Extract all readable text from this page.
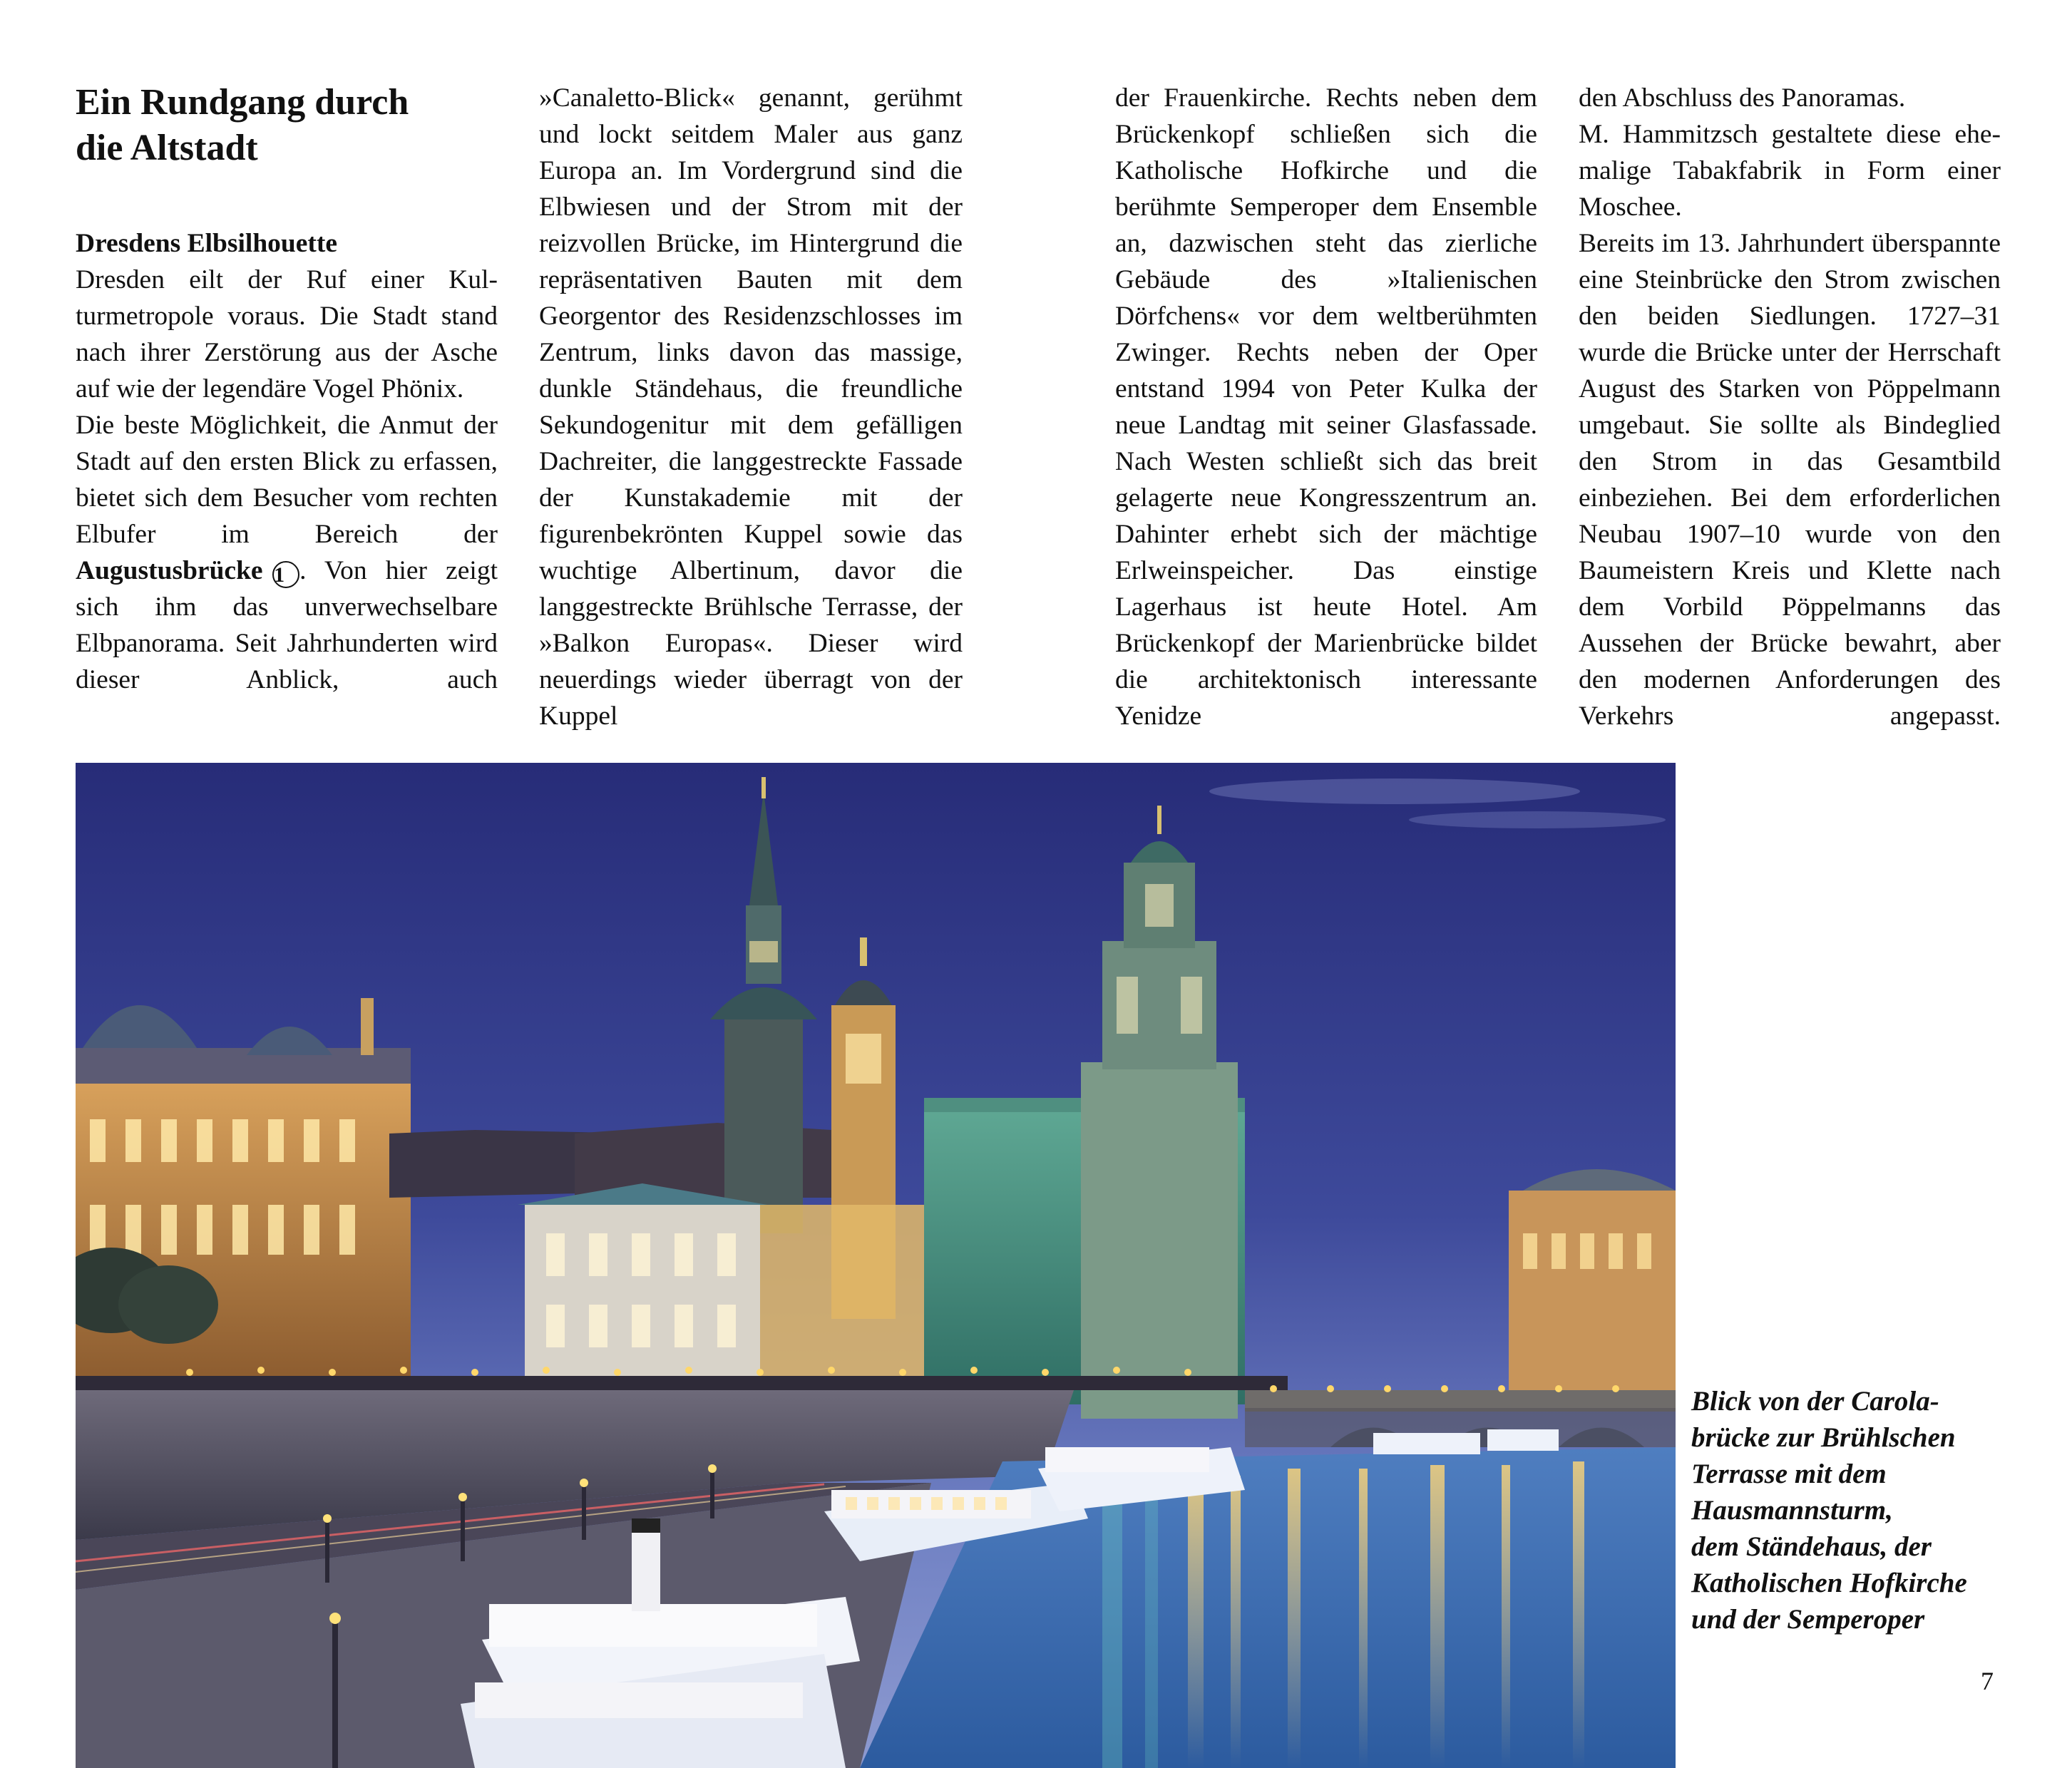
Ein Rundgang durch
die Altstadt

Dresdens Elbsilhouette

Dresden eilt der Ruf einer Kulturmetropole voraus. Die Stadt stand nach ihrer Zerstörung aus der Asche auf wie der legendäre Vogel Phönix.

Die beste Möglichkeit, die Anmut der Stadt auf den ersten Blick zu erfassen, bietet sich dem Besucher vom rechten Elbufer im Bereich der Augustusbrücke  1 . Von hier zeigt sich ihm das unverwechselbare Elbpanorama. Seit Jahrhunderten wird dieser Anblick, auch

»Canaletto-Blick« genannt, gerühmt und lockt seitdem Maler aus ganz Europa an. Im Vordergrund sind die Elbwiesen und der Strom mit der reizvollen Brücke, im Hintergrund die repräsentativen Bauten mit dem Georgentor des Residenzschlosses im Zentrum, links davon das massige, dunkle Ständehaus, die freundliche Sekundogenitur mit dem gefälligen Dachreiter, die langgestreckte Fassade der Kunstakademie mit der figurenbekrönten Kuppel sowie das wuchtige Albertinum, davor die langgestreckte Brühlsche Terrasse, der »Balkon Europas«. Dieser wird neuerdings wieder überragt von der Kuppel

der Frauenkirche. Rechts neben dem Brückenkopf schließen sich die Katholische Hofkirche und die berühmte Semperoper dem Ensemble an, dazwischen steht das zierliche Gebäude des »Italienischen Dörfchens« vor dem weltberühmten Zwinger. Rechts neben der Oper entstand 1994 von Peter Kulka der neue Landtag mit seiner Glasfassade. Nach Westen schließt sich das breit gelagerte neue Kongresszentrum an. Dahinter erhebt sich der mächtige Erlweinspeicher. Das einstige Lagerhaus ist heute Hotel. Am Brückenkopf der Marienbrücke bildet die architektonisch interessante Yenidze

den Abschluss des Panoramas.

M. Hammitzsch gestaltete diese ehemalige Tabakfabrik in Form einer Moschee.

Bereits im 13. Jahrhundert überspannte eine Steinbrücke den Strom zwischen den beiden Siedlungen. 1727–31 wurde die Brücke unter der Herrschaft August des Starken von Pöppelmann umgebaut. Sie sollte als Bindeglied den Strom in das Gesamtbild einbeziehen. Bei dem erforderlichen Neubau 1907–10 wurde von den Baumeistern Kreis und Klette nach dem Vorbild Pöppelmanns das Aussehen der Brücke bewahrt, aber den modernen Anforderungen des Verkehrs angepasst.

Blick von der Carola-
brücke zur Brühlschen
Terrasse mit dem
Hausmannsturm,
dem Ständehaus, der
Katholischen Hofkirche
und der Semperoper
7
